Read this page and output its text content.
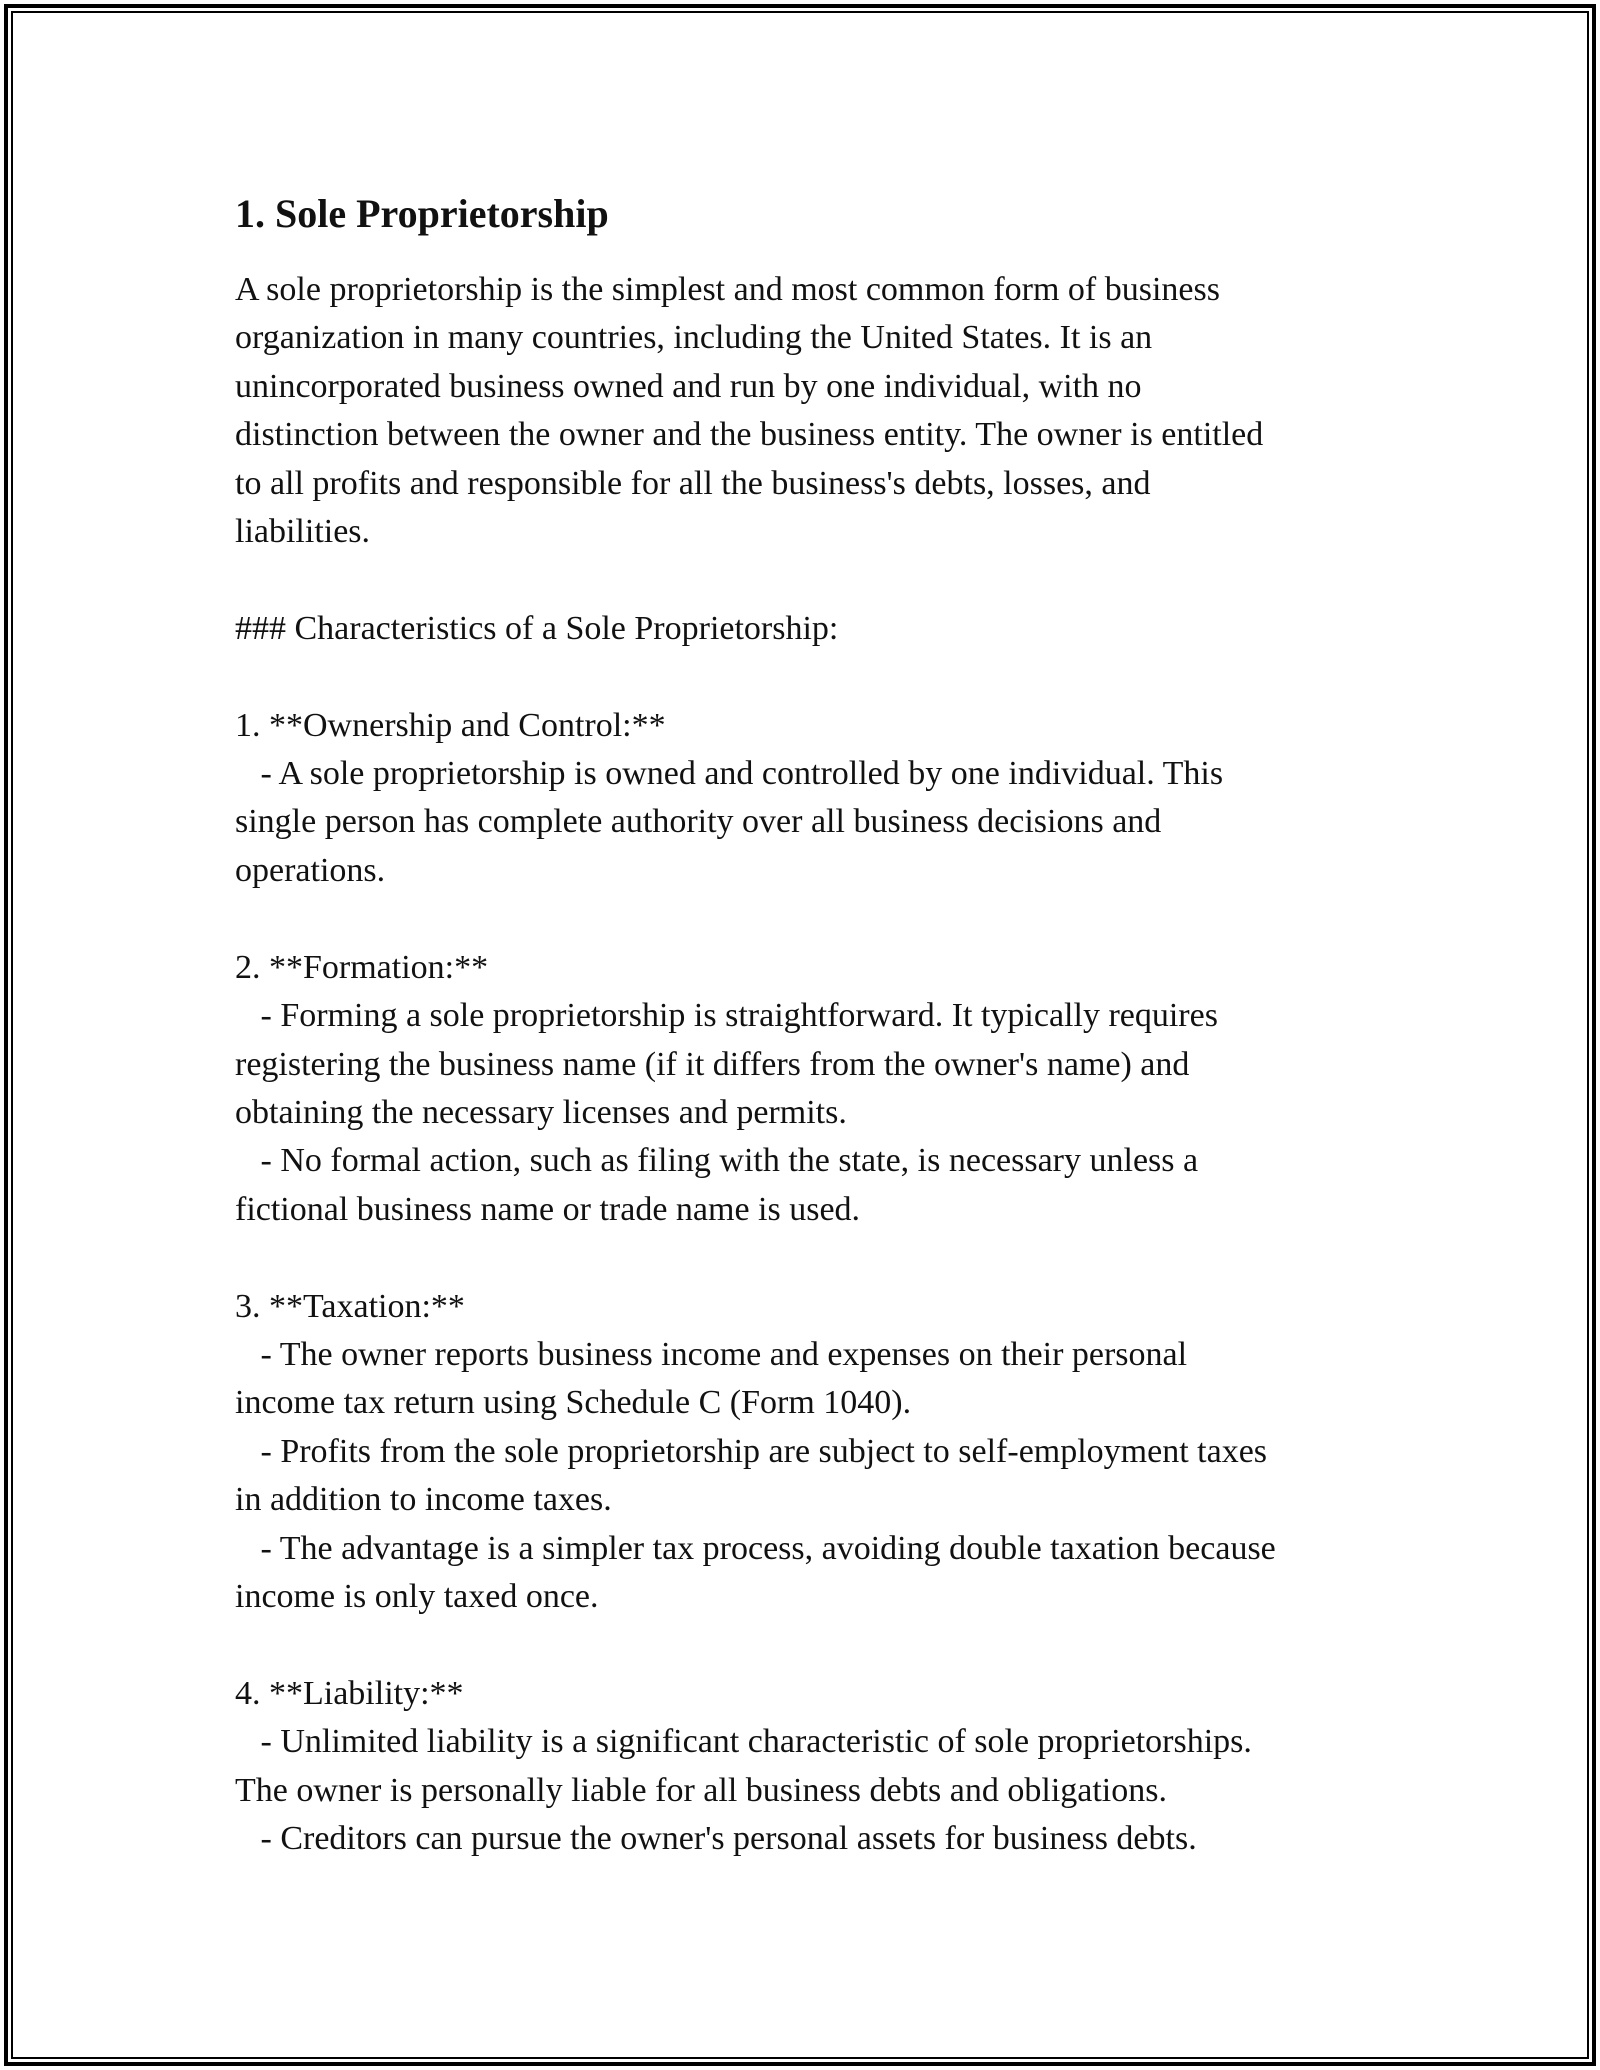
1. Sole Proprietorship
A sole proprietorship is the simplest and most common form of business
organization in many countries, including the United States. It is an
unincorporated business owned and run by one individual, with no
distinction between the owner and the business entity. The owner is entitled
to all profits and responsible for all the business's debts, losses, and
liabilities.

### Characteristics of a Sole Proprietorship:

1. **Ownership and Control:**
- A sole proprietorship is owned and controlled by one individual. This
single person has complete authority over all business decisions and
operations.

2. **Formation:**
- Forming a sole proprietorship is straightforward. It typically requires
registering the business name (if it differs from the owner's name) and
obtaining the necessary licenses and permits.
- No formal action, such as filing with the state, is necessary unless a
fictional business name or trade name is used.

3. **Taxation:**
- The owner reports business income and expenses on their personal
income tax return using Schedule C (Form 1040).
- Profits from the sole proprietorship are subject to self-employment taxes
in addition to income taxes.
- The advantage is a simpler tax process, avoiding double taxation because
income is only taxed once.

4. **Liability:**
- Unlimited liability is a significant characteristic of sole proprietorships.
The owner is personally liable for all business debts and obligations.
- Creditors can pursue the owner's personal assets for business debts.
